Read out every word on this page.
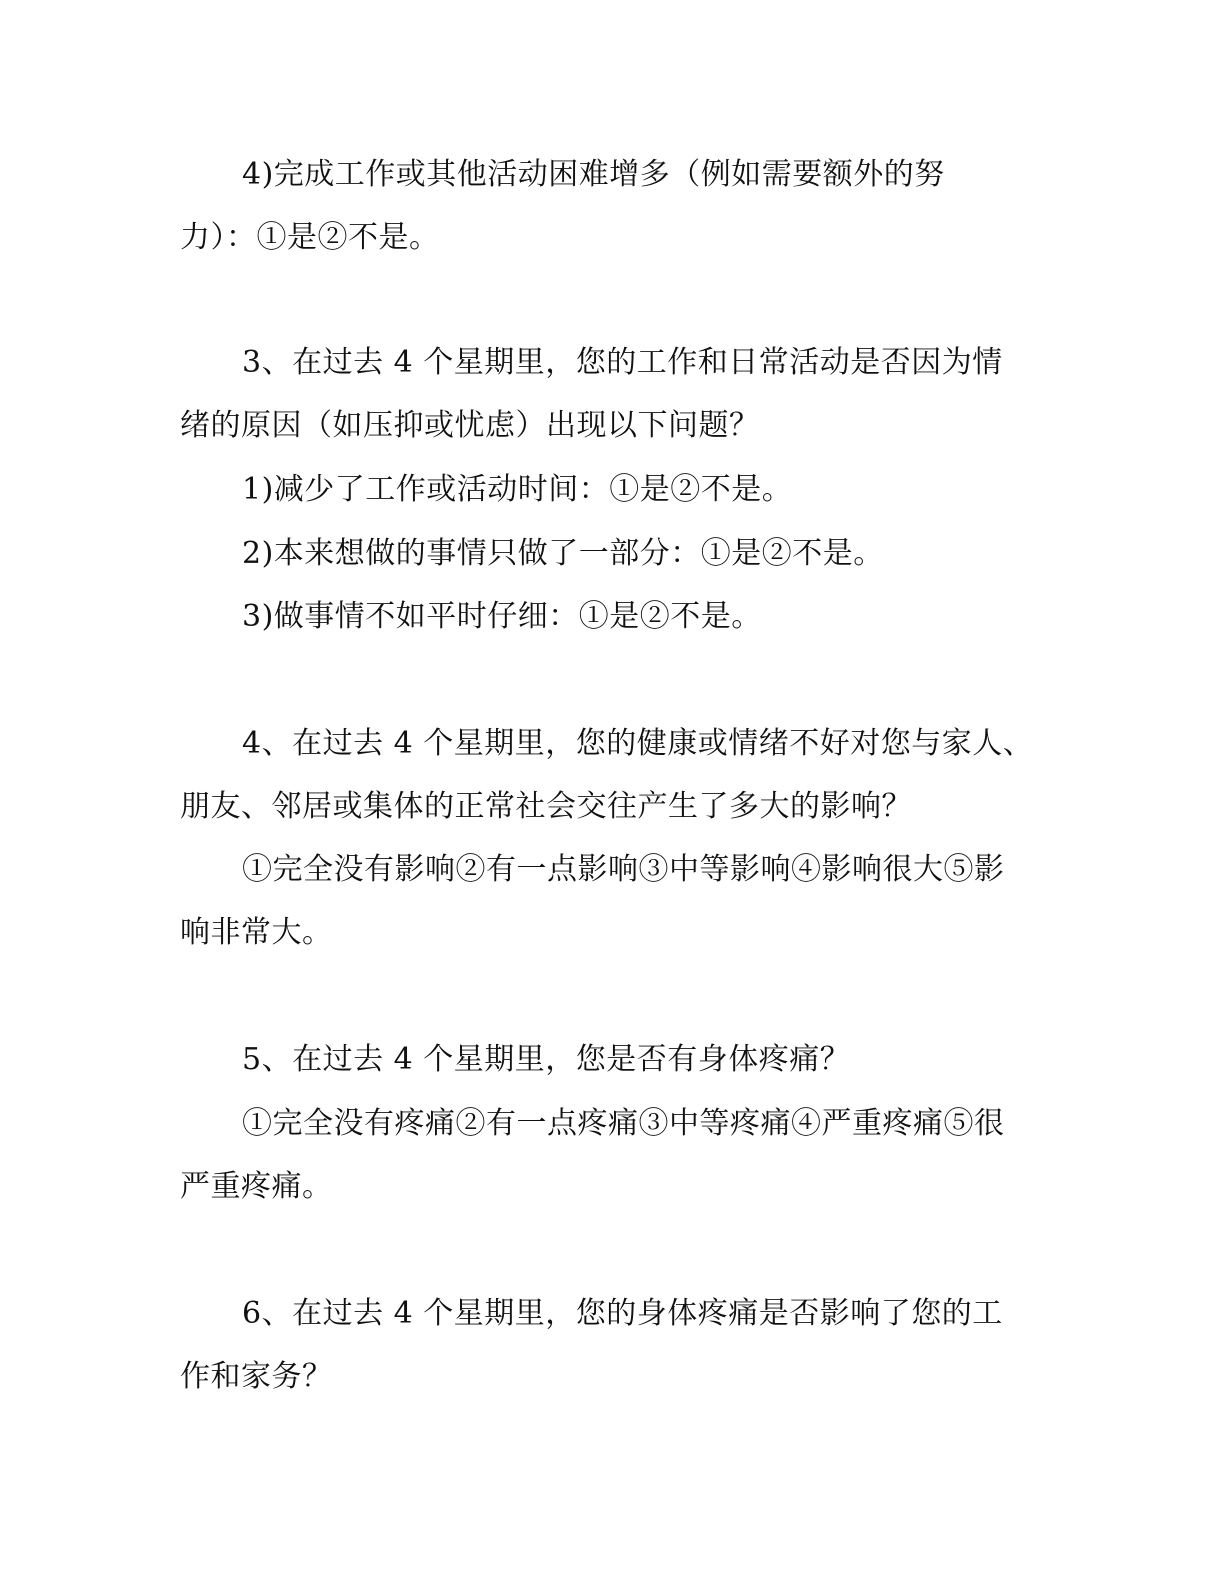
4)完成工作或其他活动困难增多（例如需要额外的努
力）：①是②不是。
3、在过去 4 个星期里，您的工作和日常活动是否因为情
绪的原因（如压抑或忧虑）出现以下问题？
1)减少了工作或活动时间：①是②不是。
2)本来想做的事情只做了一部分：①是②不是。
3)做事情不如平时仔细：①是②不是。
4、在过去 4 个星期里，您的健康或情绪不好对您与家人、
朋友、邻居或集体的正常社会交往产生了多大的影响？
①完全没有影响②有一点影响③中等影响④影响很大⑤影
响非常大。
5、在过去 4 个星期里，您是否有身体疼痛？
①完全没有疼痛②有一点疼痛③中等疼痛④严重疼痛⑤很
严重疼痛。
6、在过去 4 个星期里，您的身体疼痛是否影响了您的工
作和家务？
